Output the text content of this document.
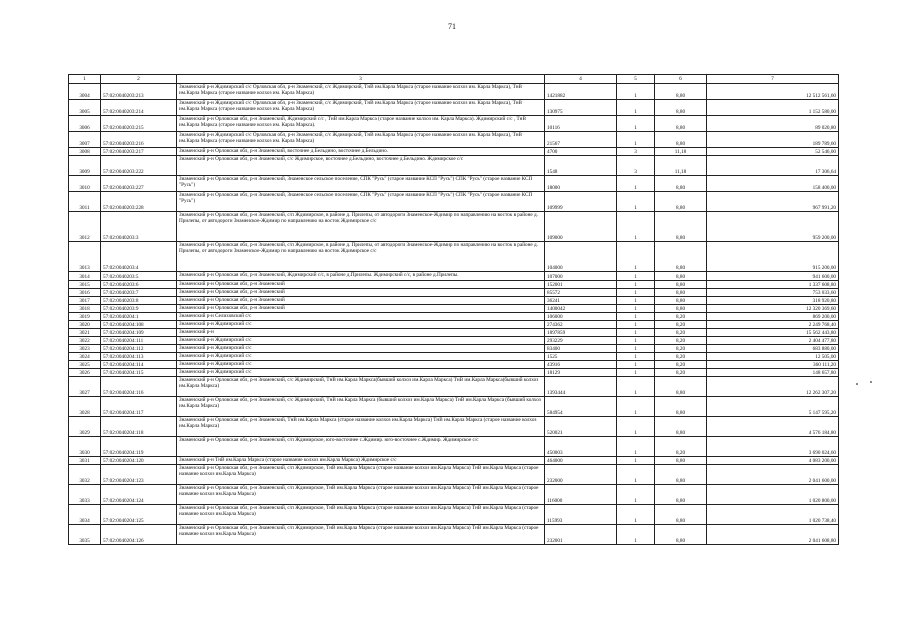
71
1	2	3	4	5	6	7
3004	57:02:0040203:213	Знаменский р-н Ждимирский с/с Орловская обл, р-н Знаменский, с/с Ждимирский, ТнВ им.Карла Маркса (старое название колхоз им. Карла Маркса), ТнВ им.Карла Маркса (старое название колхоз им. Карла Маркса)	1421882	1	8,80	12 512 561,60
3005	57:02:0040203:214	Знаменский р-н Ждимирский с/с Орловская обл, р-н Знаменский, с/с Ждимирский, ТнВ им.Карла Маркса (старое название колхоз им. Карла Маркса), ТнВ им.Карла Маркса (старое название колхоз им. Карла Маркса)	130975	1	8,80	1 152 580,00
3006	57:02:0040203:215	Знаменский р-н Орловская обл, р-н Знаменский, Ждимирский с/с , ТнВ им.Карла Маркса (старое название колхоз им. Карла Маркса). Ждимирский с/с , ТнВ им.Карла Маркса (старое название колхоз им. Карла Маркса).	10116	1	8,80	89 020,80
3007	57:02:0040203:216	Знаменский р-н Ждимирский с/с Орловская обл, р-н Знаменский, с/с Ждимирский, ТнВ им.Карла Маркса (старое название колхоз им. Карла Маркса), ТнВ им.Карла Маркса (старое название колхоз им. Карла Маркса)	21567	1	8,80	189 789,60
3008	57:02:0040203:217	Знаменский р-н Орловская обл, р-н Знаменский, восточнее д.Бельдино, восточнее д.Бельдино.	4700	3	11,18	52 546,00
3009	57:02:0040203:222	Знаменский р-н Орловская обл, р-н Знаменский, с/с Ждимирское, восточнее д.Бельдино, восточнее д.Бельдино. Ждимирское с/с	1548	3	11,18	17 306,64
3010	57:02:0040203:227	Знаменский р-н Орловская обл, р-н Знаменский, Знаменское сельское поселение, СПК "Русь" (старое название КСП "Русь") СПК "Русь" (старое название КСП "Русь")	18000	1	8,80	158 400,00
3011	57:02:0040203:228	Знаменский р-н Орловская обл, р-н Знаменский, Знаменское сельское поселение, СПК "Русь" (старое название КСП "Русь") СПК "Русь" (старое название КСП "Русь")	109999	1	8,80	967 991,20
3012	57:02:0040203:3	Знаменский р-н Орловская обл, р-н Знаменский, с/п Ждимирское, в районе д. Прилепы, от автодороги Знаменское-Ждимир по направлению на восток в районе д. Прилепы, от автодороги Знаменское-Ждимир по направлению на восток Ждимирское с/с	109000	1	8,80	959 200,00
3013	57:02:0040203:4	Знаменский р-н Орловская обл, р-н Знаменский, с/п Ждимирское, в районе д. Прилепы, от автодороги Знаменское-Ждимир по направлению на восток в районе д. Прилепы, от автодороги Знаменское-Ждимир по направлению на восток Ждимирское с/с	104000	1	8,80	915 200,00
3014	57:02:0040203:5	Знаменский р-н Орловская обл, р-н Знаменский, Ждимирский с/с, в районе д.Прилепы. Ждимирский с/с, в районе д.Прилепы.	107000	1	8,80	941 600,00
3015	57:02:0040203:6	Знаменский р-н Орловская обл, р-н Знаменский	152001	1	8,80	1 337 608,80
3016	57:02:0040203:7	Знаменский р-н Орловская обл, р-н Знаменский	85572	1	8,80	753 033,60
3017	57:02:0040203:8	Знаменский р-н Орловская обл, р-н Знаменский	36241	1	8,80	318 920,80
3018	57:02:0040203:9	Знаменский р-н Орловская обл, р-н Знаменский	1400042	1	8,80	12 320 369,60
3019	57:02:0040204:1	Знаменский р-н Селиховский с/с	106000	1	8,20	869 200,00
3020	57:02:0040204:108	Знаменский р-н Ждимирский с/с	274362	1	8,20	2 249 768,40
3021	57:02:0040204:109	Знаменский р-н	1897859	1	8,20	15 562 443,80
3022	57:02:0040204:111	Знаменский р-н Ждимирский с/с	293229	1	8,20	2 404 477,80
3023	57:02:0040204:112	Знаменский р-н Ждимирский с/с	83400	1	8,20	683 880,00
3024	57:02:0040204:113	Знаменский р-н Ждимирский с/с	1525	1	8,20	12 505,00
3025	57:02:0040204:114	Знаменский р-н Ждимирский с/с	43916	1	8,20	360 111,20
3026	57:02:0040204:115	Знаменский р-н Ждимирский с/с	18129	1	8,20	148 657,80
3027	57:02:0040204:116	Знаменский р-н Орловская обл, р-н Знаменский, с/с Ждимирский, ТнВ им.Карла Маркса(бывший колхоз им.Карла Маркса) ТнВ им.Карла Маркса(бывший колхоз им.Карла Маркса)	1393444	1	8,80	12 262 307,20
3028	57:02:0040204:117	Знаменский р-н Орловская обл, р-н Знаменский, с/с Ждимирский, ТнВ им.Карла Маркса (бывший колхоз им.Карла Маркса) ТнВ им.Карла Маркса (бывший колхоз им.Карла Маркса)	584954	1	8,80	5 147 595,20
3029	57:02:0040204:118	Знаменский р-н Орловская обл, р-н Знаменский, ТнВ им.Карла Маркса (старое название колхоз им.Карла Маркса) ТнВ им.Карла Маркса (старое название колхоз им.Карла Маркса)	520021	1	8,80	4 576 184,80
3030	57:02:0040204:119	Знаменский р-н Орловская обл, р-н Знаменский, с/п Ждимирское, юго-восточнее с.Ждимир. юго-восточнее с.Ждимир. Ждимирское с/с	450003	1	8,20	3 690 024,60
3031	57:02:0040204:120	Знаменский р-н ТнВ им.Карла Маркса (старое название колхоз им.Карла Маркса) Ждимирское с/с	464000	1	8,80	4 083 200,00
3032	57:02:0040204:123	Знаменский р-н Орловская обл, р-н Знаменский, с/п Ждимирское, ТнВ им.Карла Маркса (старое название колхоз им.Карла Маркса) ТнВ им.Карла Маркса (старое название колхоз им.Карла Маркса)	232000	1	8,80	2 041 600,00
3033	57:02:0040204:124	Знаменский р-н Орловская обл, р-н Знаменский, с/п Ждимирское, ТнВ им.Карла Маркса (старое название колхоз им.Карла Маркса) ТнВ им.Карла Маркса (старое название колхоз им.Карла Маркса)	116000	1	8,80	1 020 800,00
3034	57:02:0040204:125	Знаменский р-н Орловская обл, р-н Знаменский, с/п Ждимирское, ТнВ им.Карла Маркса (старое название колхоз им.Карла Маркса) ТнВ им.Карла Маркса (старое название колхоз им.Карла Маркса)	115993	1	8,80	1 020 738,40
3035	57:02:0040204:126	Знаменский р-н Орловская обл, р-н Знаменский, с/п Ждимирское, ТнВ им.Карла Маркса (старое название колхоз им.Карла Маркса) ТнВ им.Карла Маркса (старое название колхоз им.Карла Маркса)	232001	1	8,80	2 041 608,80
